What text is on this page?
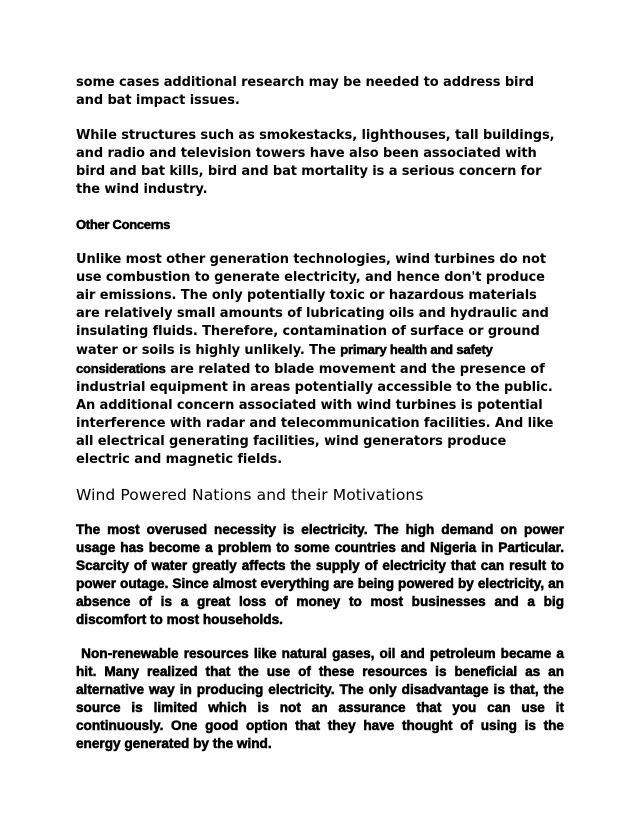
some cases additional research may be needed to address bird and bat impact issues.

While structures such as smokestacks, lighthouses, tall buildings, and radio and television towers have also been associated with bird and bat kills, bird and bat mortality is a serious concern for the wind industry.

Other Concerns

Unlike most other generation technologies, wind turbines do not use combustion to generate electricity, and hence don't produce air emissions. The only potentially toxic or hazardous materials are relatively small amounts of lubricating oils and hydraulic and insulating fluids. Therefore, contamination of surface or ground water or soils is highly unlikely. The primary health and safety considerations are related to blade movement and the presence of industrial equipment in areas potentially accessible to the public. An additional concern associated with wind turbines is potential interference with radar and telecommunication facilities. And like all electrical generating facilities, wind generators produce electric and magnetic fields.

Wind Powered Nations and their Motivations

The most overused necessity is electricity. The high demand on power usage has become a problem to some countries and Nigeria in Particular. Scarcity of water greatly affects the supply of electricity that can result to power outage. Since almost everything are being powered by electricity, an absence of is a great loss of money to most businesses and a big discomfort to most households.

Non-renewable resources like natural gases, oil and petroleum became a hit. Many realized that the use of these resources is beneficial as an alternative way in producing electricity. The only disadvantage is that, the source is limited which is not an assurance that you can use it continuously. One good option that they have thought of using is the energy generated by the wind.
